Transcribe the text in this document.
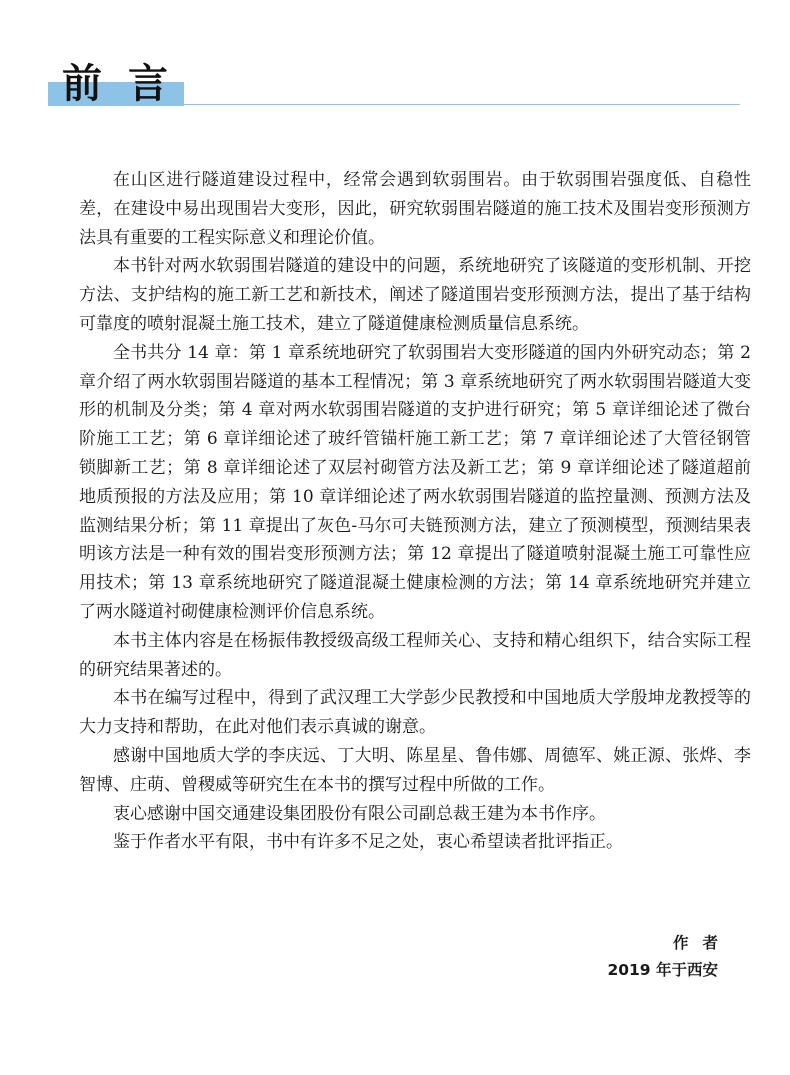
前言

在山区进行隧道建设过程中，经常会遇到软弱围岩。由于软弱围岩强度低、自稳性差，在建设中易出现围岩大变形，因此，研究软弱围岩隧道的施工技术及围岩变形预测方法具有重要的工程实际意义和理论价值。

本书针对两水软弱围岩隧道的建设中的问题，系统地研究了该隧道的变形机制、开挖方法、支护结构的施工新工艺和新技术，阐述了隧道围岩变形预测方法，提出了基于结构可靠度的喷射混凝土施工技术，建立了隧道健康检测质量信息系统。

全书共分 14 章：第 1 章系统地研究了软弱围岩大变形隧道的国内外研究动态；第 2 章介绍了两水软弱围岩隧道的基本工程情况；第 3 章系统地研究了两水软弱围岩隧道大变形的机制及分类；第 4 章对两水软弱围岩隧道的支护进行研究；第 5 章详细论述了微台阶施工工艺；第 6 章详细论述了玻纤管锚杆施工新工艺；第 7 章详细论述了大管径钢管锁脚新工艺；第 8 章详细论述了双层衬砌管方法及新工艺；第 9 章详细论述了隧道超前地质预报的方法及应用；第 10 章详细论述了两水软弱围岩隧道的监控量测、预测方法及监测结果分析；第 11 章提出了灰色-马尔可夫链预测方法，建立了预测模型，预测结果表明该方法是一种有效的围岩变形预测方法；第 12 章提出了隧道喷射混凝土施工可靠性应用技术；第 13 章系统地研究了隧道混凝土健康检测的方法；第 14 章系统地研究并建立了两水隧道衬砌健康检测评价信息系统。

本书主体内容是在杨振伟教授级高级工程师关心、支持和精心组织下，结合实际工程的研究结果著述的。

本书在编写过程中，得到了武汉理工大学彭少民教授和中国地质大学殷坤龙教授等的大力支持和帮助，在此对他们表示真诚的谢意。

感谢中国地质大学的李庆远、丁大明、陈星星、鲁伟娜、周德军、姚正源、张烨、李智博、庄萌、曾稷威等研究生在本书的撰写过程中所做的工作。

衷心感谢中国交通建设集团股份有限公司副总裁王建为本书作序。

鉴于作者水平有限，书中有许多不足之处，衷心希望读者批评指正。

作者
2019 年于西安
